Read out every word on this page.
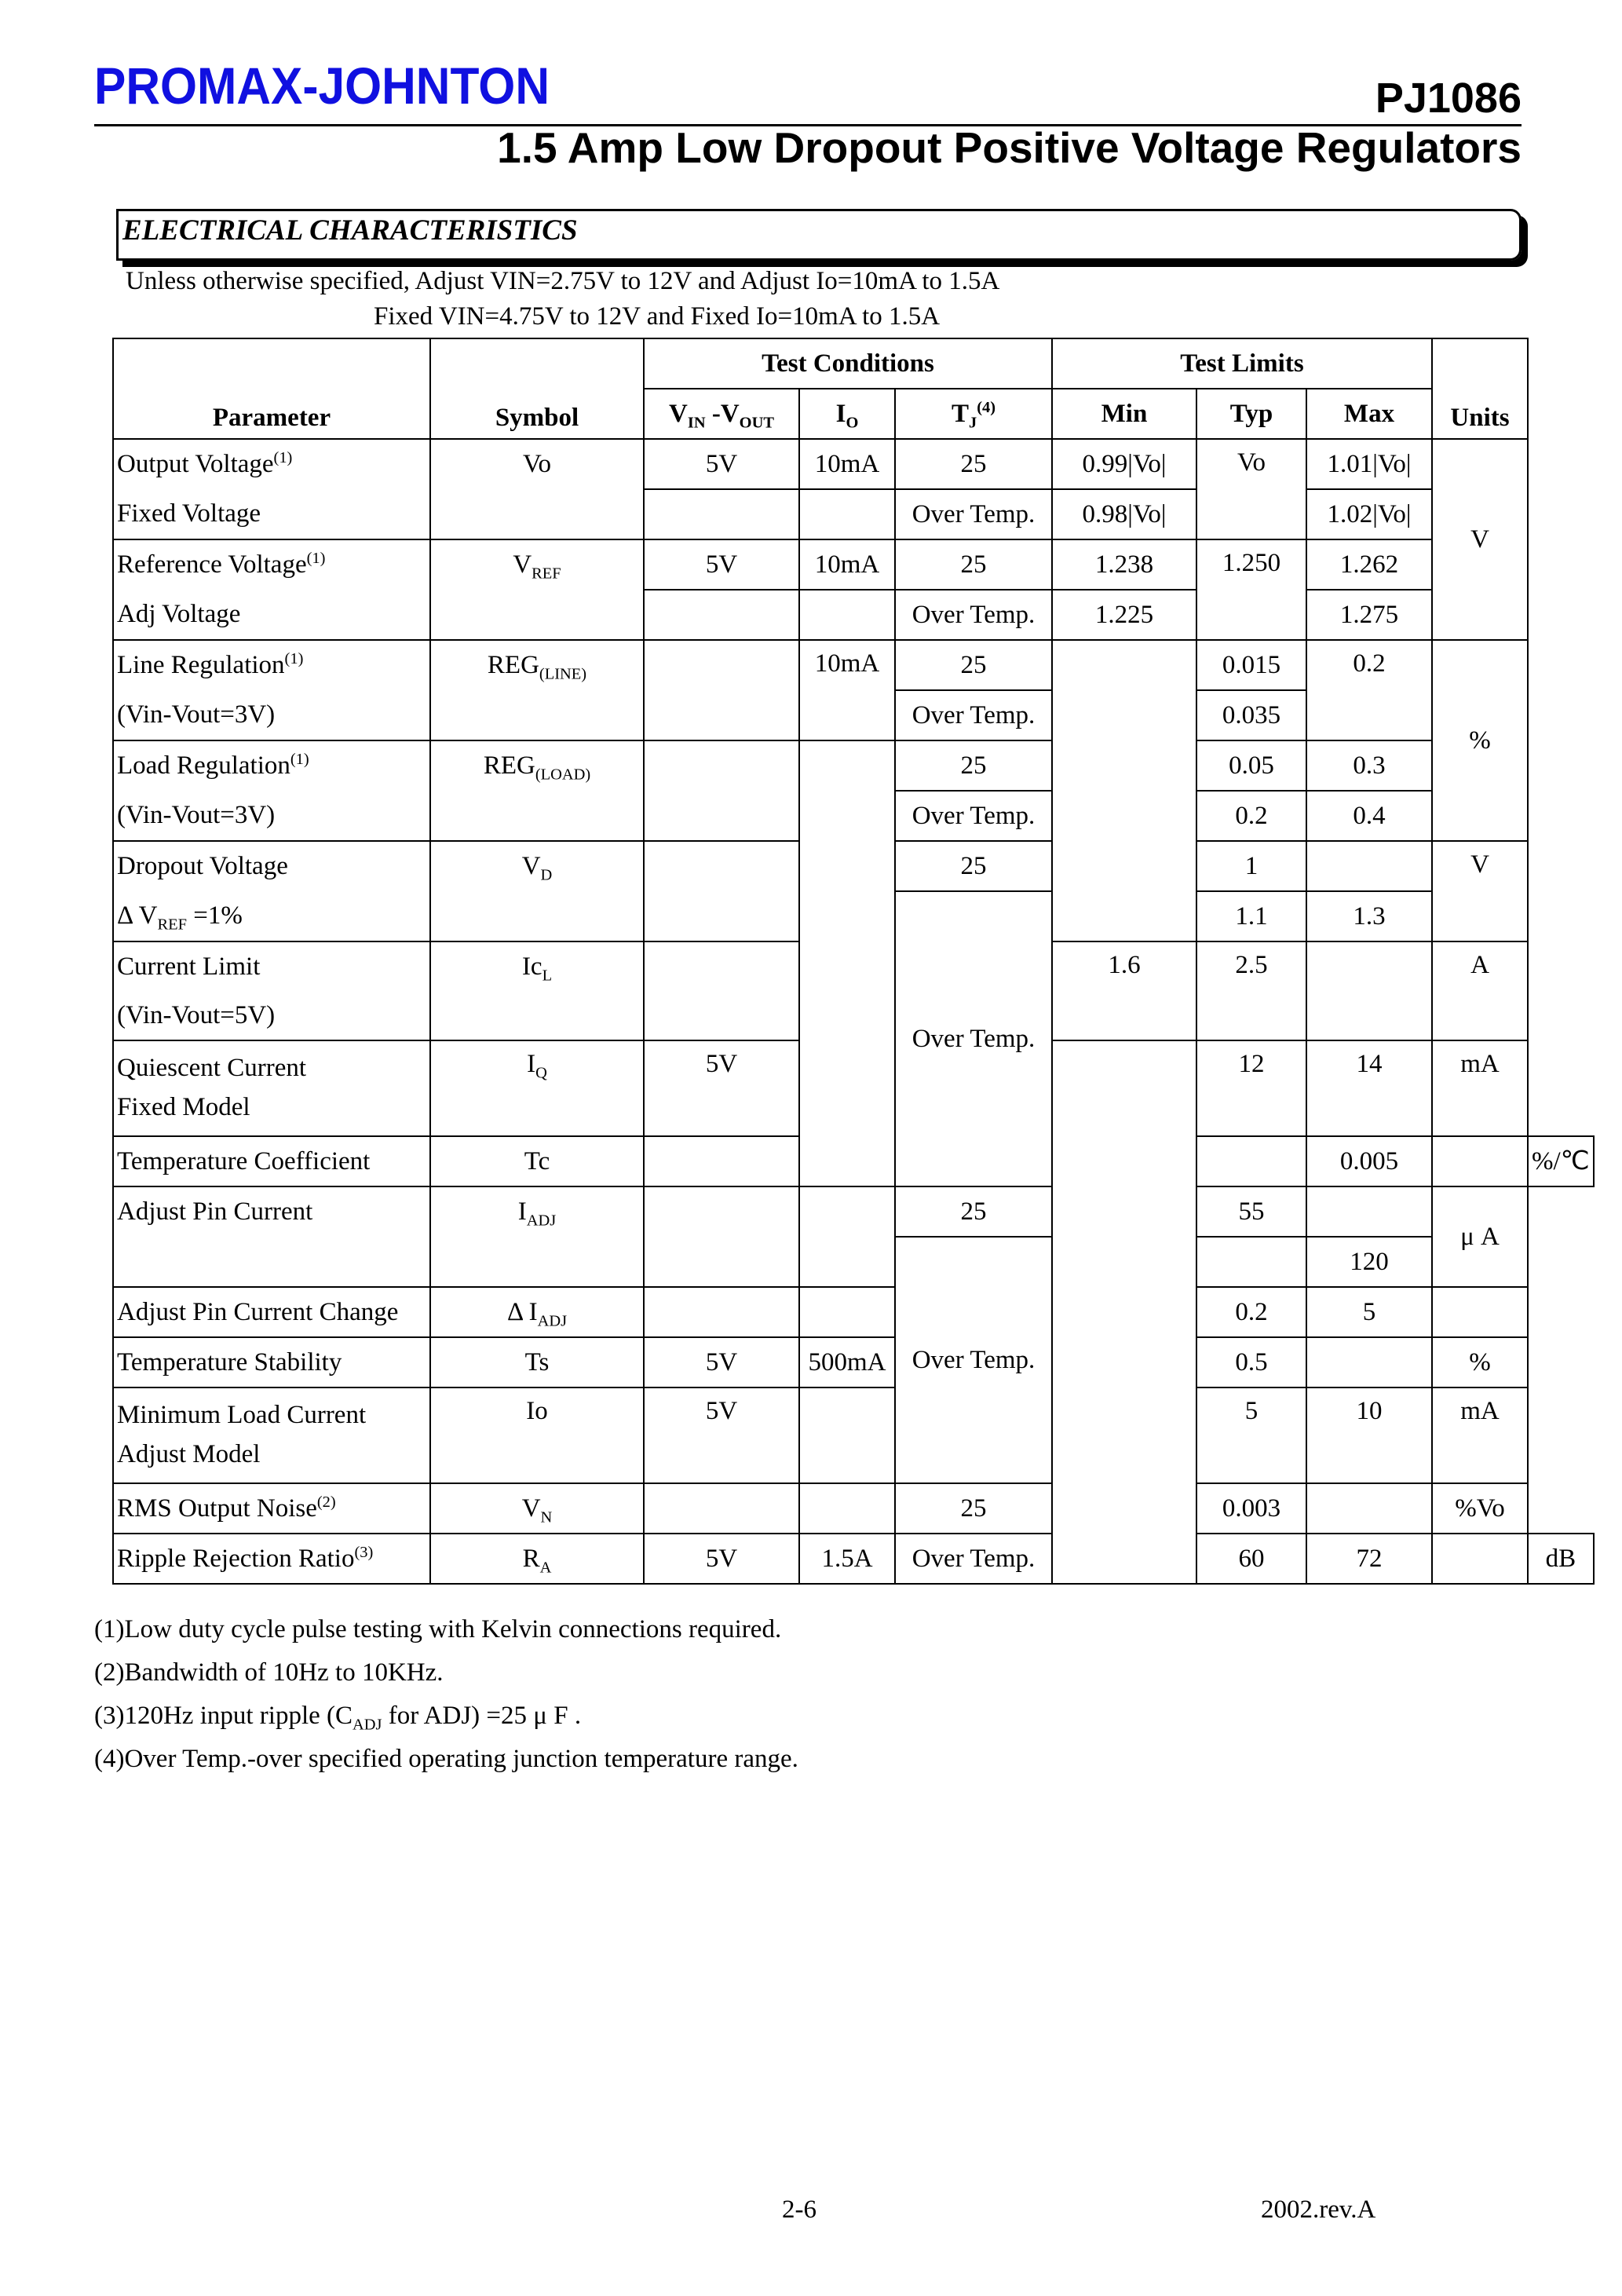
PROMAX-JOHNTON	PJ1086
1.5 Amp Low Dropout Positive Voltage Regulators
ELECTRICAL CHARACTERISTICS
Unless otherwise specified, Adjust VIN=2.75V to 12V and Adjust Io=10mA to 1.5A
Fixed VIN=4.75V to 12V and Fixed Io=10mA to 1.5A
Parameter	Symbol	Test Conditions			Test Limits			Units	
		$V_{IN}$ $-V_{OUT}$	$I_O$	$T_J^{(4)}$	Min	Typ	Max		
Output Voltage$^{(1)}$	Vo	5V	10mA	25	0.99|Vo|	Vo	1.01|Vo|	V	
Fixed Voltage				Over Temp.	0.98|Vo|		1.02|Vo|		
Reference Voltage$^{(1)}$	$V_{REF}$	5V	10mA	25	1.238	1.250	1.262		
Adj Voltage				Over Temp.	1.225		1.275		
Line Regulation$^{(1)}$	$REG_{(LINE)}$		10mA	25		0.015	0.2	%	
(Vin-Vout=3V)				Over Temp.		0.035			
Load Regulation$^{(1)}$	$REG_{(LOAD)}$			25		0.05	0.3		
(Vin-Vout=3V)				Over Temp.		0.2	0.4		
Dropout Voltage	$V_D$			25		1		V	
Δ $V_{REF} =1\%$				Over Temp.		1.1	1.3		
Current Limit	$Ic_L$				1.6	2.5		A	
(Vin-Vout=5V)									
Quiescent Current
Fixed Model	$I_Q$	5V				12	14	mA	
Temperature Coefficient	Tc						0.005		%/℃
Adjust Pin Current	$I_{ADJ}$			25		55		μ A	
				Over Temp.			120		
Adjust Pin Current Change	Δ $I_{ADJ}$					0.2	5		
Temperature Stability	Ts	5V	500mA			0.5		%	
Minimum Load Current
Adjust Model	Io	5V				5	10	mA	
RMS Output Noise$^{(2)}$	$V_N$			25		0.003		%Vo	
Ripple Rejection Ratio$^{(3)}$	$R_A$	5V	1.5A	Over Temp.		60	72		dB
(1)Low duty cycle pulse testing with Kelvin connections required.
(2)Bandwidth of 10Hz to 10KHz.
(3)120Hz input ripple ($C_{ADJ}$ for ADJ) =25 μ F .
(4)Over Temp.-over specified operating junction temperature range.
2-6	2002.rev.A
